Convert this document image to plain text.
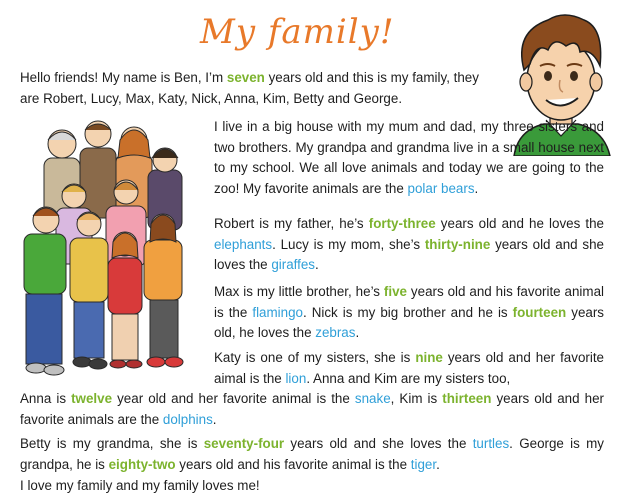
My family!

Hello friends! My name is Ben, I’m seven years old and this is my family, they are Robert, Lucy, Max, Katy, Nick, Anna, Kim, Betty and George.

I live in a big house with my mum and dad, my three sisters and two brothers. My grandpa and grandma live in a small house next to my school. We all love animals and today we are going to the zoo! My favorite animals are the polar bears.

Robert is my father, he’s forty-three years old and he loves the elephants. Lucy is my mom, she’s thirty-nine years old and she loves the giraffes.

Max is my little brother, he’s five years old and his favorite animal is the flamingo. Nick is my big brother and he is fourteen years old, he loves the zebras.

Katy is one of my sisters, she is nine years old and her favorite aimal is the lion. Anna and Kim are my sisters too,

Anna is twelve year old and her favorite animal is the snake, Kim is thirteen years old and her favorite animals are the dolphins.

Betty is my grandma, she is seventy-four years old and she loves the turtles. George is my grandpa, he is eighty-two years old and his favorite animal is the tiger.

I love my family and my family loves me!
